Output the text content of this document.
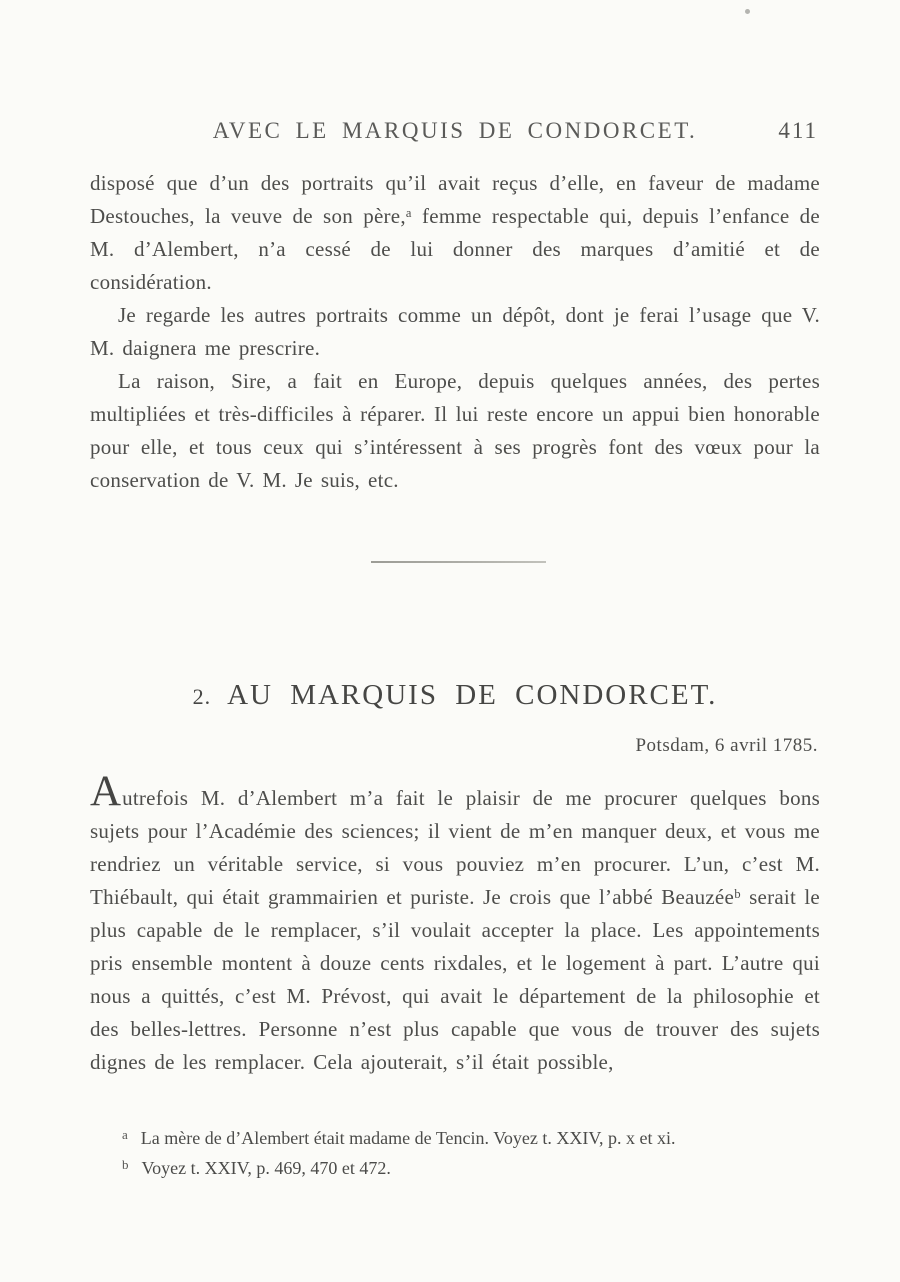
AVEC LE MARQUIS DE CONDORCET.	411

disposé que d’un des portraits qu’il avait reçus d’elle, en faveur de madame Destouches, la veuve de son père,ᵃ femme respectable qui, depuis l’enfance de M. d’Alembert, n’a cessé de lui donner des marques d’amitié et de considération.

Je regarde les autres portraits comme un dépôt, dont je ferai l’usage que V. M. daignera me prescrire.

La raison, Sire, a fait en Europe, depuis quelques années, des pertes multipliées et très-difficiles à réparer. Il lui reste encore un appui bien honorable pour elle, et tous ceux qui s’intéressent à ses progrès font des vœux pour la conservation de V. M. Je suis, etc.

2. AU MARQUIS DE CONDORCET.
Potsdam, 6 avril 1785.

Autrefois M. d’Alembert m’a fait le plaisir de me procurer quelques bons sujets pour l’Académie des sciences; il vient de m’en manquer deux, et vous me rendriez un véritable service, si vous pouviez m’en procurer. L’un, c’est M. Thiébault, qui était grammairien et puriste. Je crois que l’abbé Beauzéeᵇ serait le plus capable de le remplacer, s’il voulait accepter la place. Les appointements pris ensemble montent à douze cents rixdales, et le logement à part. L’autre qui nous a quittés, c’est M. Prévost, qui avait le département de la philosophie et des belles-lettres. Personne n’est plus capable que vous de trouver des sujets dignes de les remplacer. Cela ajouterait, s’il était possible,

a La mère de d’Alembert était madame de Tencin. Voyez t. XXIV, p. x et xi.
b Voyez t. XXIV, p. 469, 470 et 472.
